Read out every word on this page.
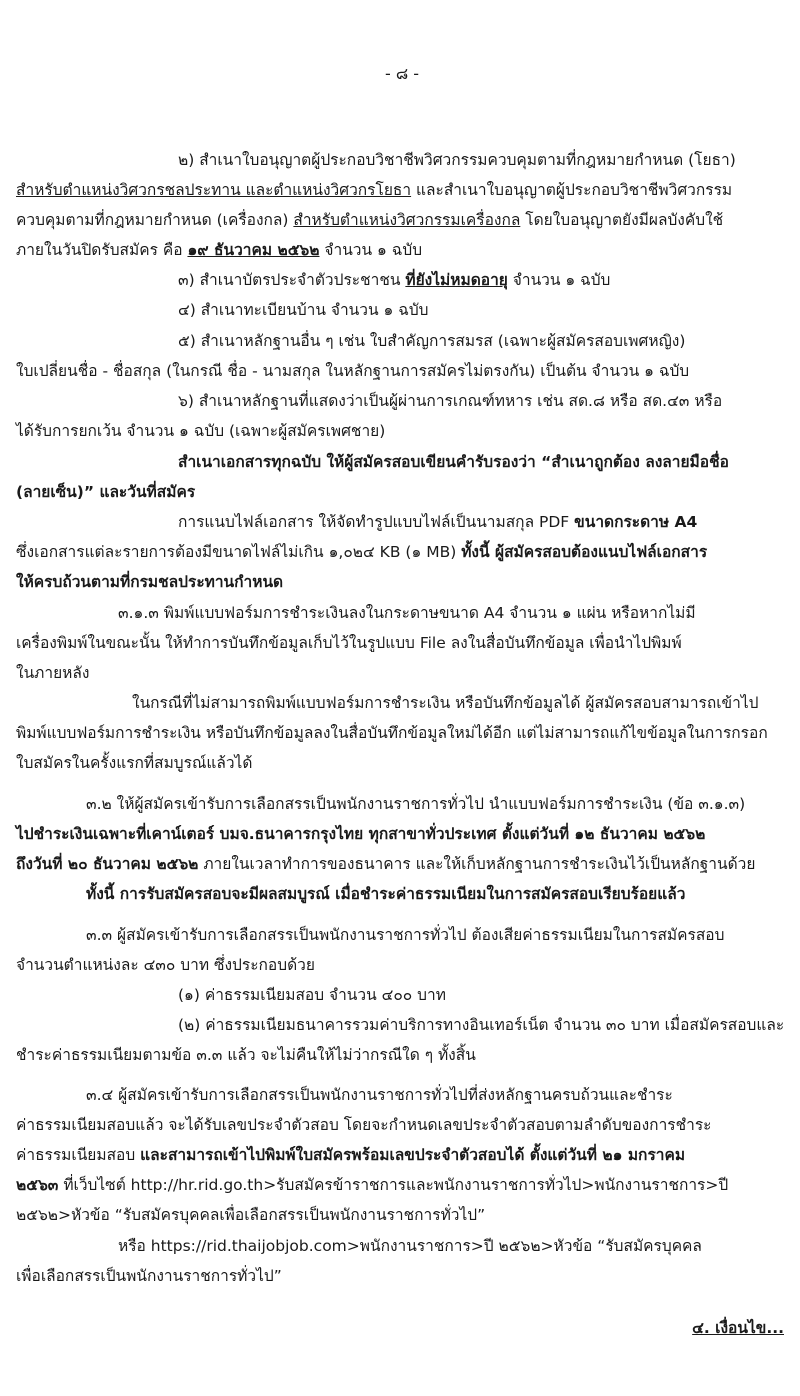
- ๘ -
๒) สำเนาใบอนุญาตผู้ประกอบวิชาชีพวิศวกรรมควบคุมตามที่กฎหมายกำหนด (โยธา)
สำหรับตำแหน่งวิศวกรชลประทาน และตำแหน่งวิศวกรโยธา และสำเนาใบอนุญาตผู้ประกอบวิชาชีพวิศวกรรม
ควบคุมตามที่กฎหมายกำหนด (เครื่องกล) สำหรับตำแหน่งวิศวกรรมเครื่องกล โดยใบอนุญาตยังมีผลบังคับใช้
ภายในวันปิดรับสมัคร คือ ๑๙ ธันวาคม ๒๕๖๒ จำนวน ๑ ฉบับ
๓) สำเนาบัตรประจำตัวประชาชน ที่ยังไม่หมดอายุ จำนวน ๑ ฉบับ
๔) สำเนาทะเบียนบ้าน จำนวน ๑ ฉบับ
๕) สำเนาหลักฐานอื่น ๆ เช่น ใบสำคัญการสมรส (เฉพาะผู้สมัครสอบเพศหญิง)
ใบเปลี่ยนชื่อ - ชื่อสกุล (ในกรณี ชื่อ - นามสกุล ในหลักฐานการสมัครไม่ตรงกัน) เป็นต้น จำนวน ๑ ฉบับ
๖) สำเนาหลักฐานที่แสดงว่าเป็นผู้ผ่านการเกณฑ์ทหาร เช่น สด.๘ หรือ สด.๔๓ หรือ
ได้รับการยกเว้น จำนวน ๑ ฉบับ (เฉพาะผู้สมัครเพศชาย)
สำเนาเอกสารทุกฉบับ ให้ผู้สมัครสอบเขียนคำรับรองว่า “สำเนาถูกต้อง ลงลายมือชื่อ
(ลายเซ็น)” และวันที่สมัคร
การแนบไฟล์เอกสาร ให้จัดทำรูปแบบไฟล์เป็นนามสกุล PDF ขนาดกระดาษ A4
ซึ่งเอกสารแต่ละรายการต้องมีขนาดไฟล์ไม่เกิน ๑,๐๒๔ KB (๑ MB) ทั้งนี้ ผู้สมัครสอบต้องแนบไฟล์เอกสาร
ให้ครบถ้วนตามที่กรมชลประทานกำหนด
๓.๑.๓ พิมพ์แบบฟอร์มการชำระเงินลงในกระดาษขนาด A4 จำนวน ๑ แผ่น หรือหากไม่มี
เครื่องพิมพ์ในขณะนั้น ให้ทำการบันทึกข้อมูลเก็บไว้ในรูปแบบ File ลงในสื่อบันทึกข้อมูล เพื่อนำไปพิมพ์
ในภายหลัง
ในกรณีที่ไม่สามารถพิมพ์แบบฟอร์มการชำระเงิน หรือบันทึกข้อมูลได้ ผู้สมัครสอบสามารถเข้าไป
พิมพ์แบบฟอร์มการชำระเงิน หรือบันทึกข้อมูลลงในสื่อบันทึกข้อมูลใหม่ได้อีก แต่ไม่สามารถแก้ไขข้อมูลในการกรอก
ใบสมัครในครั้งแรกที่สมบูรณ์แล้วได้
๓.๒ ให้ผู้สมัครเข้ารับการเลือกสรรเป็นพนักงานราชการทั่วไป นำแบบฟอร์มการชำระเงิน (ข้อ ๓.๑.๓)
ไปชำระเงินเฉพาะที่เคาน์เตอร์ บมจ.ธนาคารกรุงไทย ทุกสาขาทั่วประเทศ ตั้งแต่วันที่ ๑๒ ธันวาคม ๒๕๖๒
ถึงวันที่ ๒๐ ธันวาคม ๒๕๖๒ ภายในเวลาทำการของธนาคาร และให้เก็บหลักฐานการชำระเงินไว้เป็นหลักฐานด้วย
ทั้งนี้ การรับสมัครสอบจะมีผลสมบูรณ์ เมื่อชำระค่าธรรมเนียมในการสมัครสอบเรียบร้อยแล้ว
๓.๓ ผู้สมัครเข้ารับการเลือกสรรเป็นพนักงานราชการทั่วไป ต้องเสียค่าธรรมเนียมในการสมัครสอบ
จำนวนตำแหน่งละ ๔๓๐ บาท ซึ่งประกอบด้วย
(๑) ค่าธรรมเนียมสอบ จำนวน ๔๐๐ บาท
(๒) ค่าธรรมเนียมธนาคารรวมค่าบริการทางอินเทอร์เน็ต จำนวน ๓๐ บาท เมื่อสมัครสอบและ
ชำระค่าธรรมเนียมตามข้อ ๓.๓ แล้ว จะไม่คืนให้ไม่ว่ากรณีใด ๆ ทั้งสิ้น
๓.๔ ผู้สมัครเข้ารับการเลือกสรรเป็นพนักงานราชการทั่วไปที่ส่งหลักฐานครบถ้วนและชำระ
ค่าธรรมเนียมสอบแล้ว จะได้รับเลขประจำตัวสอบ โดยจะกำหนดเลขประจำตัวสอบตามลำดับของการชำระ
ค่าธรรมเนียมสอบ และสามารถเข้าไปพิมพ์ใบสมัครพร้อมเลขประจำตัวสอบได้ ตั้งแต่วันที่ ๒๑ มกราคม
๒๕๖๓ ที่เว็บไซต์ http://hr.rid.go.th>รับสมัครข้าราชการและพนักงานราชการทั่วไป>พนักงานราชการ>ปี
๒๕๖๒>หัวข้อ “รับสมัครบุคคลเพื่อเลือกสรรเป็นพนักงานราชการทั่วไป”
หรือ https://rid.thaijobjob.com>พนักงานราชการ>ปี ๒๕๖๒>หัวข้อ “รับสมัครบุคคล
เพื่อเลือกสรรเป็นพนักงานราชการทั่วไป”
๔. เงื่อนไข...
